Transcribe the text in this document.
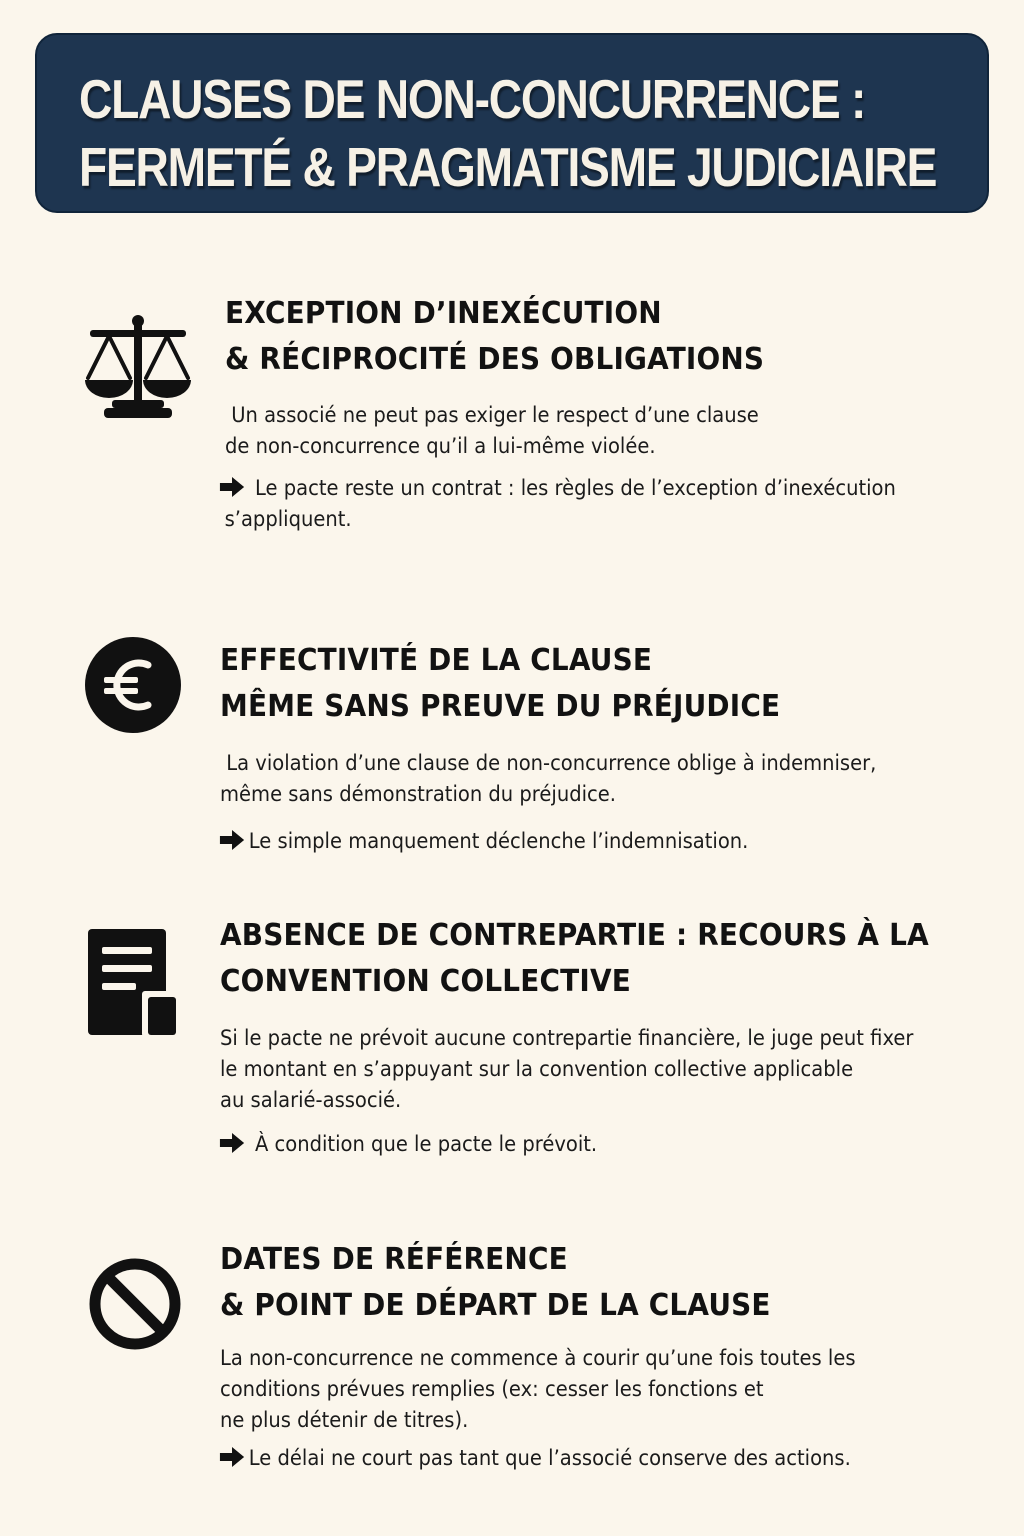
CLAUSES DE NON-CONCURRENCE :
FERMETÉ & PRAGMATISME JUDICIAIRE
EXCEPTION D’INEXÉCUTION
& RÉCIPROCITÉ DES OBLIGATIONS
Un associé ne peut pas exiger le respect d’une clause
de non-concurrence qu’il a lui-même violée.
Le pacte reste un contrat : les règles de l’exception d’inexécution
s’appliquent.
EFFECTIVITÉ DE LA CLAUSE
MÊME SANS PREUVE DU PRÉJUDICE
La violation d’une clause de non-concurrence oblige à indemniser,
même sans démonstration du préjudice.
Le simple manquement déclenche l’indemnisation.
ABSENCE DE CONTREPARTIE : RECOURS À LA
CONVENTION COLLECTIVE
Si le pacte ne prévoit aucune contrepartie financière, le juge peut fixer
le montant en s’appuyant sur la convention collective applicable
au salarié-associé.
À condition que le pacte le prévoit.
DATES DE RÉFÉRENCE
& POINT DE DÉPART DE LA CLAUSE
La non-concurrence ne commence à courir qu’une fois toutes les
conditions prévues remplies (ex: cesser les fonctions et
ne plus détenir de titres).
Le délai ne court pas tant que l’associé conserve des actions.
